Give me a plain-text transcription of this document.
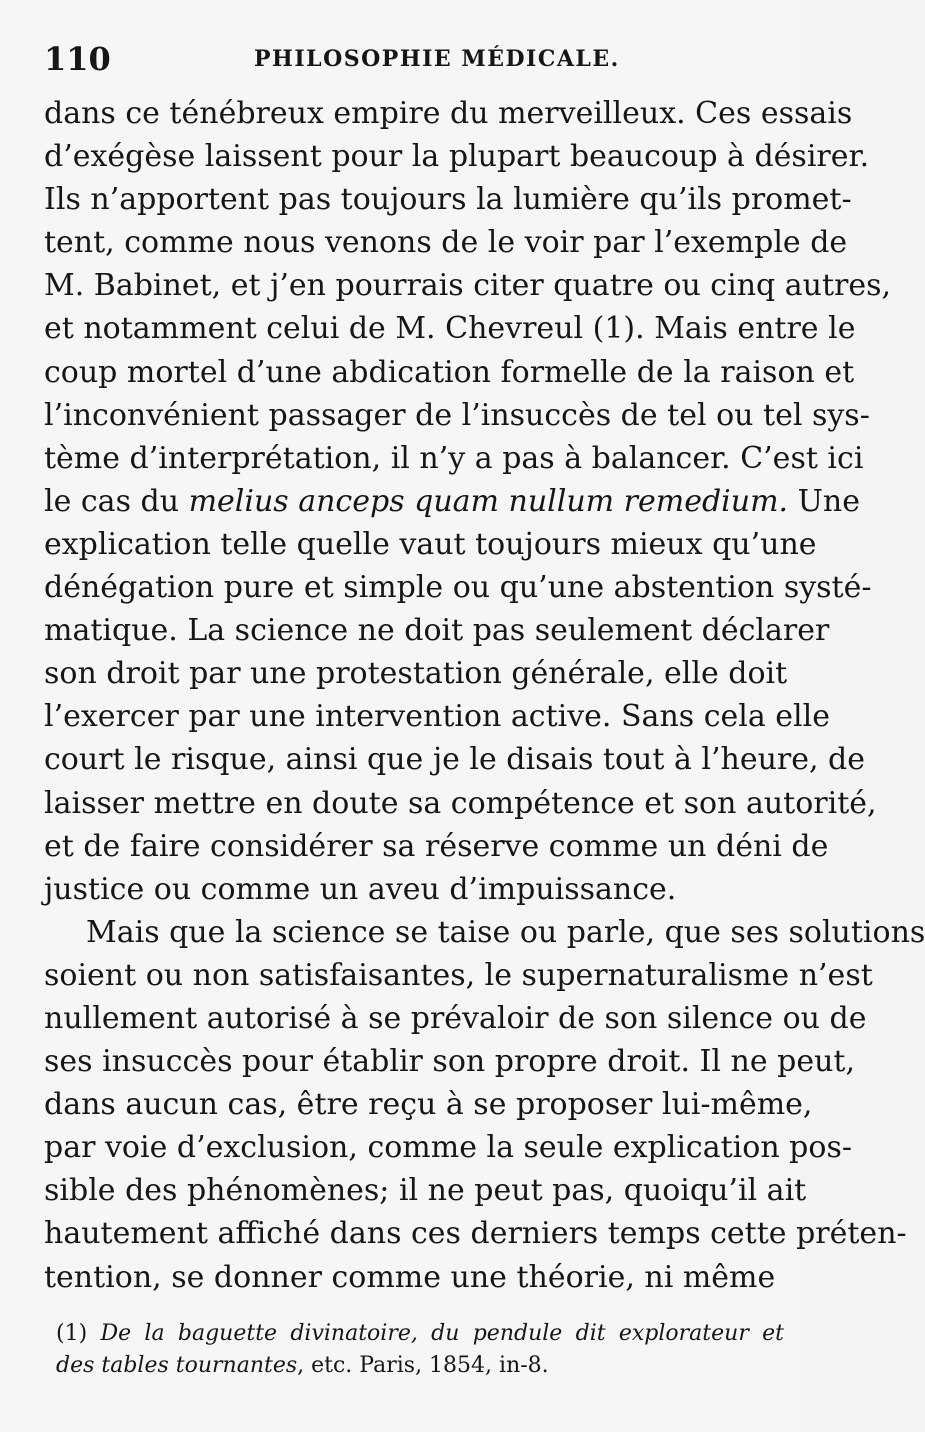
110	PHILOSOPHIE MÉDICALE.
dans ce ténébreux empire du merveilleux. Ces essais
d’exégèse laissent pour la plupart beaucoup à désirer.
Ils n’apportent pas toujours la lumière qu’ils promet-
tent, comme nous venons de le voir par l’exemple de
M. Babinet, et j’en pourrais citer quatre ou cinq autres,
et notamment celui de M. Chevreul (1). Mais entre le
coup mortel d’une abdication formelle de la raison et
l’inconvénient passager de l’insuccès de tel ou tel sys-
tème d’interprétation, il n’y a pas à balancer. C’est ici
le cas du melius anceps quam nullum remedium. Une
explication telle quelle vaut toujours mieux qu’une
dénégation pure et simple ou qu’une abstention systé-
matique. La science ne doit pas seulement déclarer
son droit par une protestation générale, elle doit
l’exercer par une intervention active. Sans cela elle
court le risque, ainsi que je le disais tout à l’heure, de
laisser mettre en doute sa compétence et son autorité,
et de faire considérer sa réserve comme un déni de
justice ou comme un aveu d’impuissance.
Mais que la science se taise ou parle, que ses solutions
soient ou non satisfaisantes, le supernaturalisme n’est
nullement autorisé à se prévaloir de son silence ou de
ses insuccès pour établir son propre droit. Il ne peut,
dans aucun cas, être reçu à se proposer lui-même,
par voie d’exclusion, comme la seule explication pos-
sible des phénomènes; il ne peut pas, quoiqu’il ait
hautement affiché dans ces derniers temps cette préten-
tention, se donner comme une théorie, ni même
(1) De la baguette divinatoire, du pendule dit explorateur et
des tables tournantes, etc. Paris, 1854, in-8.
